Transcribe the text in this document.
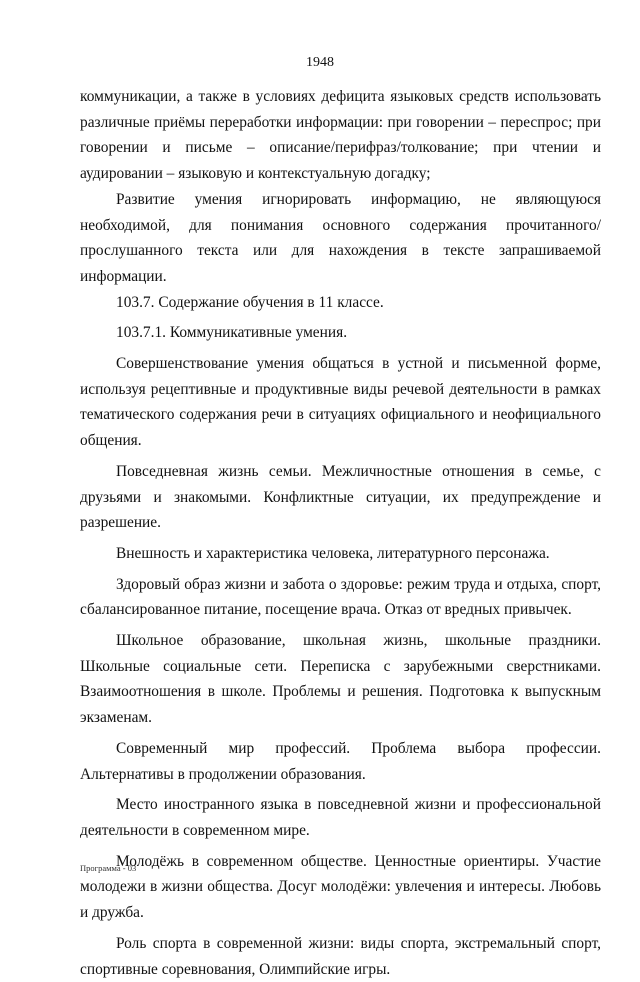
1948

коммуникации, а также в условиях дефицита языковых средств использовать различные приёмы переработки информации: при говорении – переспрос; при говорении и письме – описание/перифраз/толкование; при чтении и аудировании – языковую и контекстуальную догадку;

Развитие умения игнорировать информацию, не являющуюся необходимой, для понимания основного содержания прочитанного/прослушанного текста или для нахождения в тексте запрашиваемой информации.

103.7. Содержание обучения в 11 классе.

103.7.1. Коммуникативные умения.

Совершенствование умения общаться в устной и письменной форме, используя рецептивные и продуктивные виды речевой деятельности в рамках тематического содержания речи в ситуациях официального и неофициального общения.

Повседневная жизнь семьи. Межличностные отношения в семье, с друзьями и знакомыми. Конфликтные ситуации, их предупреждение и разрешение.

Внешность и характеристика человека, литературного персонажа.

Здоровый образ жизни и забота о здоровье: режим труда и отдыха, спорт, сбалансированное питание, посещение врача. Отказ от вредных привычек.

Школьное образование, школьная жизнь, школьные праздники. Школьные социальные сети. Переписка с зарубежными сверстниками. Взаимоотношения в школе. Проблемы и решения. Подготовка к выпускным экзаменам.

Современный мир профессий. Проблема выбора профессии. Альтернативы в продолжении образования.

Место иностранного языка в повседневной жизни и профессиональной деятельности в современном мире.

Молодёжь в современном обществе. Ценностные ориентиры. Участие молодежи в жизни общества. Досуг молодёжи: увлечения и интересы. Любовь и дружба.

Роль спорта в современной жизни: виды спорта, экстремальный спорт, спортивные соревнования, Олимпийские игры.

Программа - 03
